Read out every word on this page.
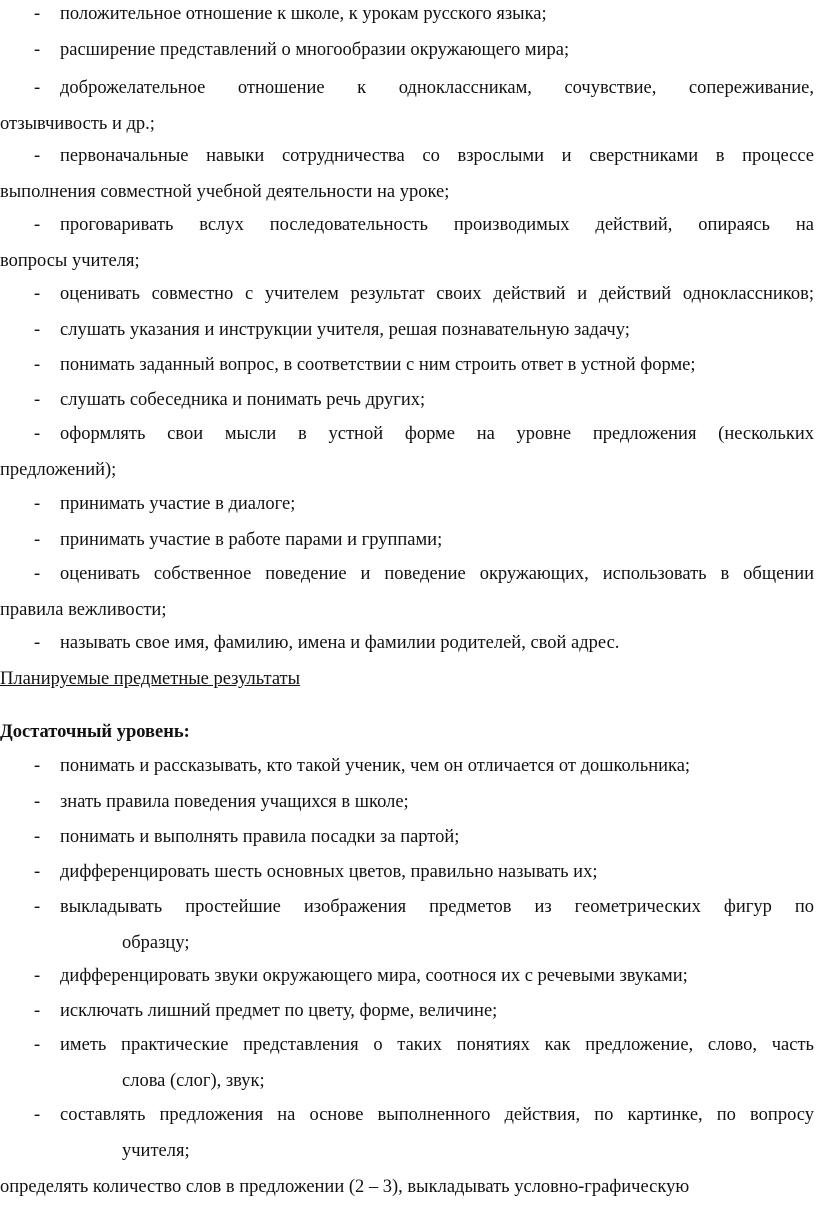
-	положительное отношение к школе, к урокам русского языка;
-	расширение представлений о многообразии окружающего мира;
-	доброжелательное отношение к одноклассникам, сочувствие, сопереживание,
отзывчивость и др.;
-	первоначальные навыки сотрудничества со взрослыми и сверстниками в процессе
выполнения совместной учебной деятельности на уроке;
-	проговаривать вслух последовательность производимых действий, опираясь на
вопросы учителя;
-	оценивать совместно с учителем результат своих действий и действий одноклассников;
-	слушать указания и инструкции учителя, решая познавательную задачу;
-	понимать заданный вопрос, в соответствии с ним строить ответ в устной форме;
-	слушать собеседника и понимать речь других;
-	оформлять свои мысли в устной форме на уровне предложения (нескольких
предложений);
-	принимать участие в диалоге;
-	принимать участие в работе парами и группами;
-	оценивать собственное поведение и поведение окружающих, использовать в общении
правила вежливости;
-	называть свое имя, фамилию, имена и фамилии родителей, свой адрес.
Планируемые предметные результаты
Достаточный уровень:
-	понимать и рассказывать, кто такой ученик, чем он отличается от дошкольника;
-	знать правила поведения учащихся в школе;
-	понимать и выполнять правила посадки за партой;
-	дифференцировать шесть основных цветов, правильно называть их;
-	выкладывать простейшие изображения предметов из геометрических фигур по
образцу;
-	дифференцировать звуки окружающего мира, соотнося их с речевыми звуками;
-	исключать лишний предмет по цвету, форме, величине;
-	иметь практические представления о таких понятиях как предложение, слово, часть
слова (слог), звук;
-	составлять предложения на основе выполненного действия, по картинке, по вопросу
учителя;
определять количество слов в предложении (2 – 3), выкладывать условно-графическую
